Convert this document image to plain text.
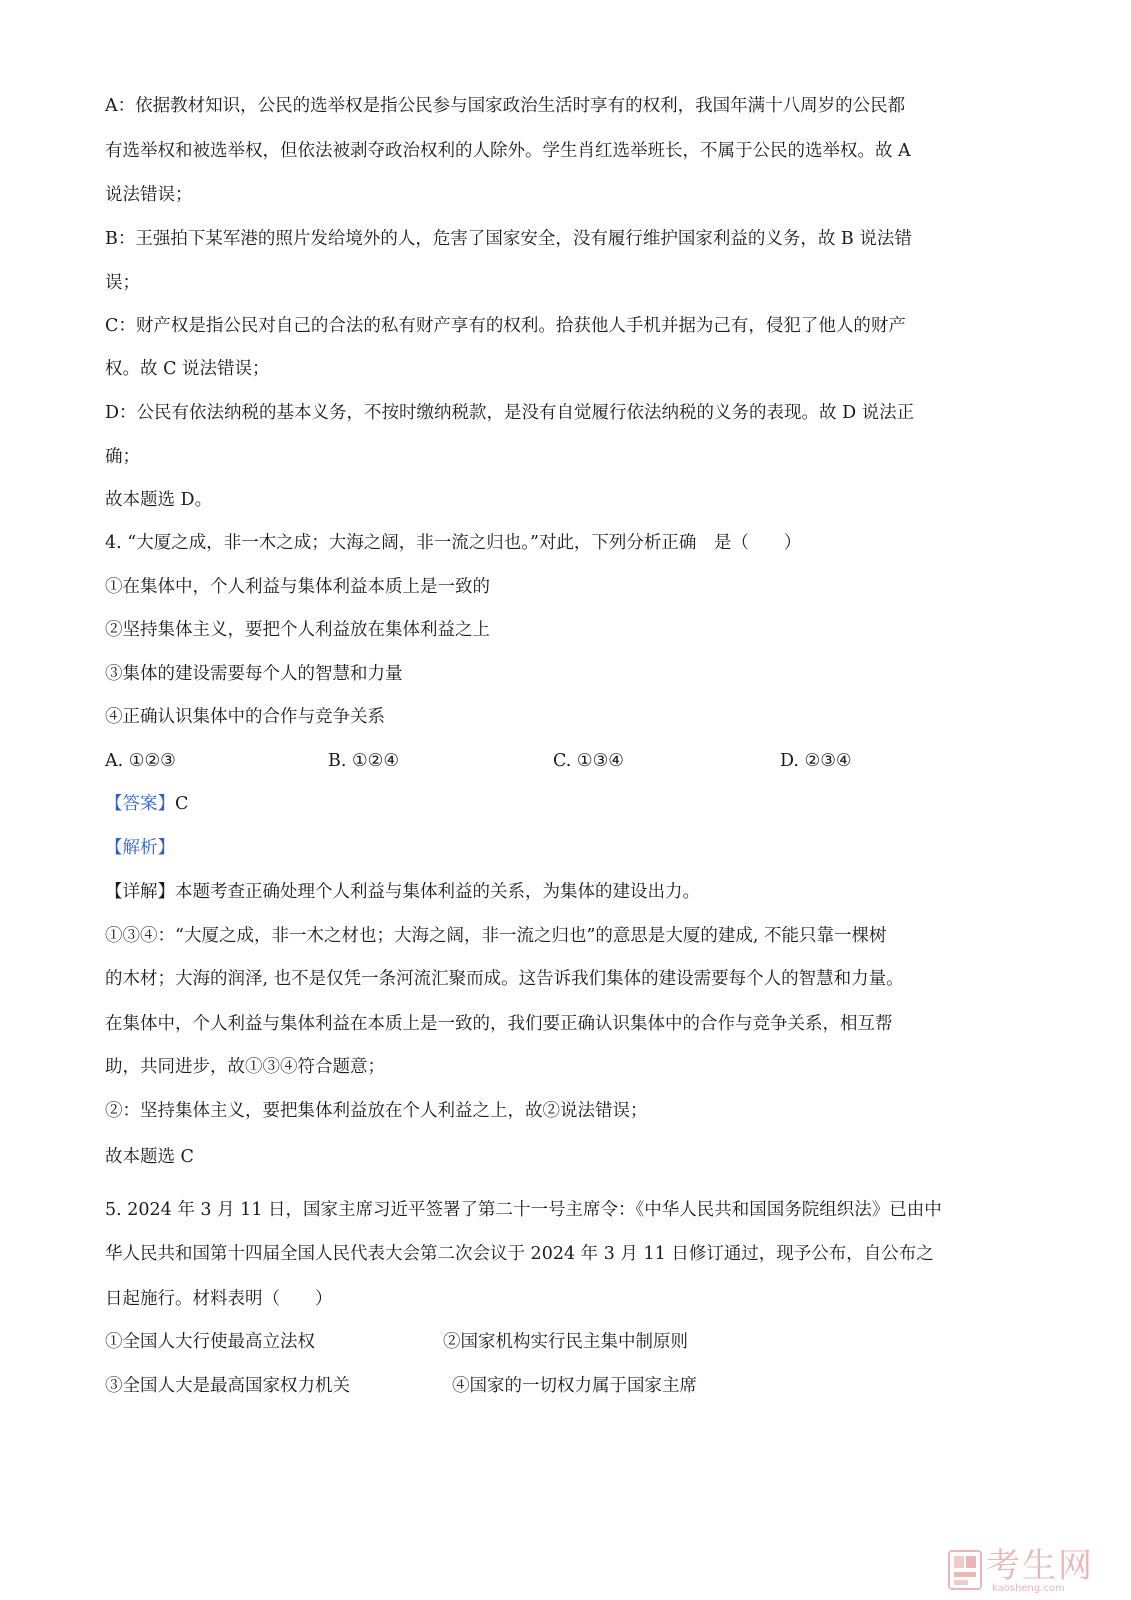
A：依据教材知识，公民的选举权是指公民参与国家政治生活时享有的权利，我国年满十八周岁的公民都
有选举权和被选举权，但依法被剥夺政治权利的人除外。学生肖红选举班长，不属于公民的选举权。故 A
说法错误；
B：王强拍下某军港的照片发给境外的人，危害了国家安全，没有履行维护国家利益的义务，故 B 说法错
误；
C：财产权是指公民对自己的合法的私有财产享有的权利。拾获他人手机并据为己有，侵犯了他人的财产
权。故 C 说法错误；
D：公民有依法纳税的基本义务，不按时缴纳税款，是没有自觉履行依法纳税的义务的表现。故 D 说法正
确；
故本题选 D。
4. “大厦之成，非一木之成；大海之阔，非一流之归也。”对此，下列分析正确　是（　　）
①在集体中，个人利益与集体利益本质上是一致的
②坚持集体主义，要把个人利益放在集体利益之上
③集体的建设需要每个人的智慧和力量
④正确认识集体中的合作与竞争关系
A. ①②③	B. ①②④	C. ①③④	D. ②③④
【答案】C
【解析】
【详解】本题考查正确处理个人利益与集体利益的关系，为集体的建设出力。
①③④：“大厦之成，非一木之材也；大海之阔，非一流之归也”的意思是大厦的建成, 不能只靠一棵树
的木材；大海的润泽, 也不是仅凭一条河流汇聚而成。这告诉我们集体的建设需要每个人的智慧和力量。
在集体中，个人利益与集体利益在本质上是一致的，我们要正确认识集体中的合作与竞争关系，相互帮
助，共同进步，故①③④符合题意；
②：坚持集体主义，要把集体利益放在个人利益之上，故②说法错误；
故本题选 C
5. 2024 年 3 月 11 日，国家主席习近平签署了第二十一号主席令：《中华人民共和国国务院组织法》已由中
华人民共和国第十四届全国人民代表大会第二次会议于 2024 年 3 月 11 日修订通过，现予公布，自公布之
日起施行。材料表明（　　）
①全国人大行使最高立法权	②国家机构实行民主集中制原则
③全国人大是最高国家权力机关	④国家的一切权力属于国家主席
考生网
kaosheng.com
